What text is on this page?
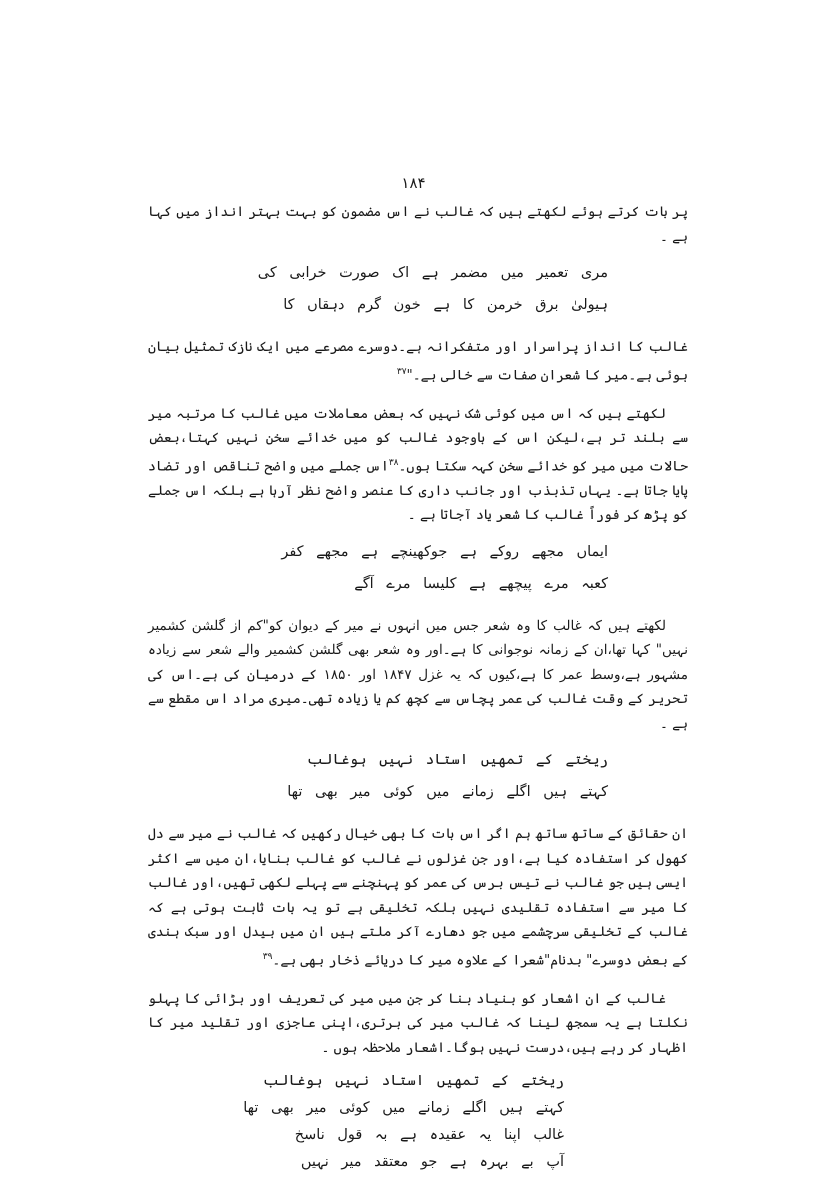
۱۸۴

پر بات کرتے ہوئے لکھتے ہیں کہ غالب نے اس مضمون کو بہت بہتر انداز میں کہا ہے ۔

مری تعمیر میں مضمر ہے اک صورت خرابی کی
ہیولیٰ برق خرمن کا ہے خون گرم دہقاں کا

غالب کا انداز پراسرار اور متفکرانہ ہے۔دوسرے مصرعے میں ایک نازک تمثیل بیان ہوئی ہے۔میر کا شعران صفات سے خالی ہے۔"$^{۳۷}$

لکھتے ہیں کہ اس میں کوئی شک نہیں کہ بعض معاملات میں غالب کا مرتبہ میر سے بلند تر ہے،لیکن اس کے باوجود غالب کو میں خدائے سخن نہیں کہتا،بعض حالات میں میر کو خدائے سخن کہہ سکتا ہوں۔$^{۳۸}$اس جملے میں واضح تناقص اور تضاد پایا جاتا ہے۔ یہاں تذبذب اور جانب داری کا عنصر واضح نظر آرہا ہے بلکہ اس جملے کو پڑھ کر فوراً غالب کا شعر یاد آجاتا ہے ۔

ایماں مجھے روکے ہے جوکھینچے ہے مجھے کفر
کعبہ مرے پیچھے ہے کلیسا مرے آگے

لکھتے ہیں کہ غالب کا وہ شعر جس میں انہوں نے میر کے دیوان کو"کم از گلشن کشمیر نہیں" کہا تھا،ان کے زمانہ نوجوانی کا ہے۔اور وہ شعر بھی گلشن کشمیر والے شعر سے زیادہ مشہور ہے،وسط عمر کا ہے،کیوں کہ یہ غزل ۱۸۴۷ اور ۱۸۵۰ کے درمیان کی ہے۔اس کی تحریر کے وقت غالب کی عمر پچاس سے کچھ کم یا زیادہ تھی۔میری مراد اس مقطع سے ہے ۔

ریختے کے تمھیں استاد نہیں ہوغالب
کہتے ہیں اگلے زمانے میں کوئی میر بھی تھا

ان حقائق کے ساتھ ساتھ ہم اگر اس بات کا بھی خیال رکھیں کہ غالب نے میر سے دل کھول کر استفادہ کیا ہے،اور جن غزلوں نے غالب کو غالب بنایا،ان میں سے اکثر ایسی ہیں جو غالب نے تیس برس کی عمر کو پہنچنے سے پہلے لکھی تھیں،اور غالب کا میر سے استفادہ تقلیدی نہیں بلکہ تخلیقی ہے تو یہ بات ثابت ہوتی ہے کہ غالب کے تخلیقی سرچشمے میں جو دھارے آکر ملتے ہیں ان میں بیدل اور سبک ہندی کے بعض دوسرے" بدنام"شعرا کے علاوہ میر کا دریائے ذخار بھی ہے۔$^{۳۹}$

غالب کے ان اشعار کو بنیاد بنا کر جن میں میر کی تعریف اور بڑائی کا پہلو نکلتا ہے یہ سمجھ لینا کہ غالب میر کی برتری،اپنی عاجزی اور تقلید میر کا اظہار کر رہے ہیں،درست نہیں ہوگا۔اشعار ملاحظہ ہوں ۔

ریختے کے تمھیں استاد نہیں ہوغالب
کہتے ہیں اگلے زمانے میں کوئی میر بھی تھا
غالب اپنا یہ عقیدہ ہے بہ قول ناسخ
آپ بے بہرہ ہے جو معتقد میر نہیں
